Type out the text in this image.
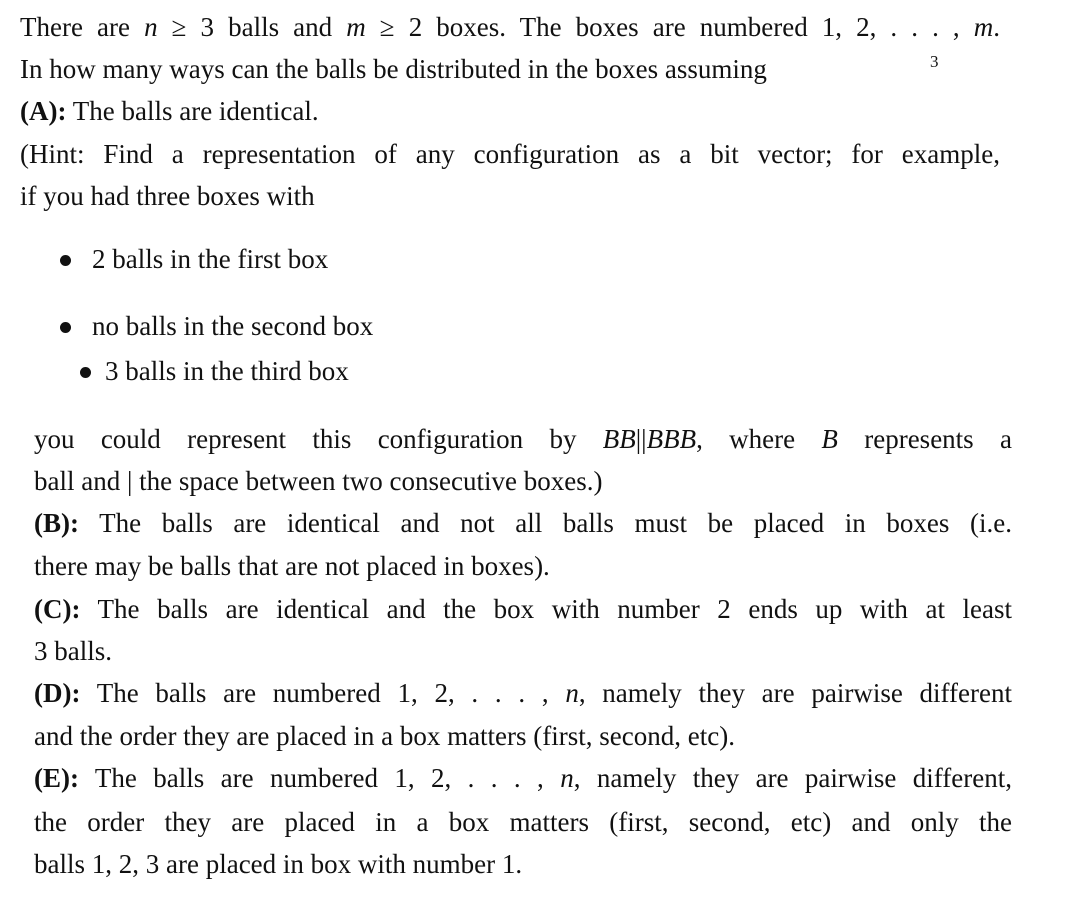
There are n ≥ 3 balls and m ≥ 2 boxes. The boxes are numbered 1, 2, . . . , m.
In how many ways can the balls be distributed in the boxes assuming
(A): The balls are identical.
(Hint: Find a representation of any configuration as a bit vector; for example,
if you had three boxes with
2 balls in the first box
no balls in the second box
3 balls in the third box
you could represent this configuration by BB||BBB, where B represents a
ball and | the space between two consecutive boxes.)
(B): The balls are identical and not all balls must be placed in boxes (i.e.
there may be balls that are not placed in boxes).
(C): The balls are identical and the box with number 2 ends up with at least
3 balls.
(D): The balls are numbered 1, 2, . . . , n, namely they are pairwise different
and the order they are placed in a box matters (first, second, etc).
(E): The balls are numbered 1, 2, . . . , n, namely they are pairwise different,
the order they are placed in a box matters (first, second, etc) and only the
balls 1, 2, 3 are placed in box with number 1.
3
